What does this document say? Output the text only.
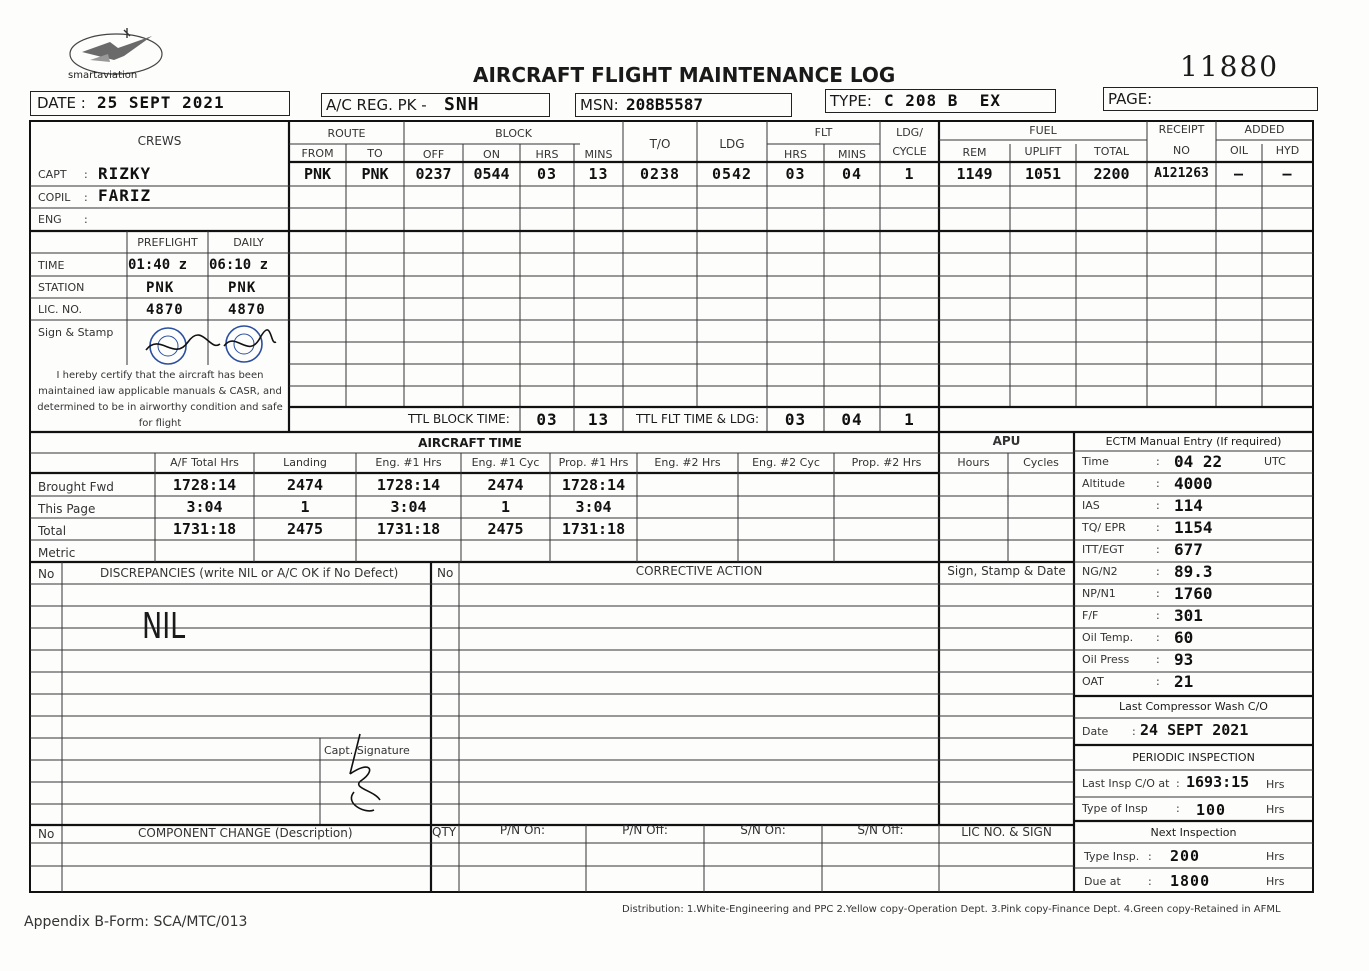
smartaviation	AIRCRAFT FLIGHT MAINTENANCE LOG	11880
DATE : 25 SEPT 2021	A/C REG. PK - SNH	MSN: 208B5587	TYPE: C 208 B  EX	PAGE:
CREWS
CAPT : RIZKY
COPIL : FARIZ
ENG :
PREFLIGHT	DAILY
TIME	01:40 z 06:10 z
STATION	PNK	PNK
LIC. NO.	4870	4870
Sign & Stamp
I hereby certify that the aircraft has been maintained iaw applicable manuals & CASR, and determined to be in airworthy condition and safe for flight
ROUTE
FROM	TO
BLOCK
OFF	ON	HRS	MINS
T/O	LDG
FLT
HRS	MINS
LDG/
CYCLE
FUEL
REM	UPLIFT	TOTAL
RECEIPT
NO
ADDED
OIL	HYD
PNK	PNK	0237	0544	03	13	0238	0542	03	04	1	1149	1051	2200	A121263	–	–
TTL BLOCK TIME:	03	13	TTL FLT TIME & LDG:	03	04	1
AIRCRAFT TIME	APU
Hours	Cycles
A/F Total Hrs	Landing	Eng. #1 Hrs	Eng. #1 Cyc	Prop. #1 Hrs	Eng. #2 Hrs	Eng. #2 Cyc	Prop. #2 Hrs
Brought Fwd	1728:14	2474	1728:14	2474	1728:14
This Page	3:04	1	3:04	1	3:04
Total	1731:18	2475	1731:18	2475	1731:18
Metric
ECTM Manual Entry (If required)
Time	: 04 22	UTC
Altitude	: 4000
IAS	: 114
TQ/ EPR	: 1154
ITT/EGT	: 677
NG/N2	: 89.3
NP/N1	: 1760
F/F	: 301
Oil Temp. : 60
Oil Press : 93
OAT	: 21
Last Compressor Wash C/O
Date : 24 SEPT 2021
PERIODIC INSPECTION
Last Insp C/O at : 1693:15 Hrs
Type of Insp	: 100	Hrs
Next Inspection
Type Insp. : 200	Hrs
Due at : 1800	Hrs
No	DISCREPANCIES (write NIL or A/C OK if No Defect)	No	CORRECTIVE ACTION	Sign, Stamp & Date
NIL
Capt. Signature
No	COMPONENT CHANGE (Description)	QTY	P/N On:	P/N Off:	S/N On:	S/N Off:	LIC NO. & SIGN
Appendix B-Form: SCA/MTC/013
Distribution: 1.White-Engineering and PPC 2.Yellow copy-Operation Dept. 3.Pink copy-Finance Dept. 4.Green copy-Retained in AFML
